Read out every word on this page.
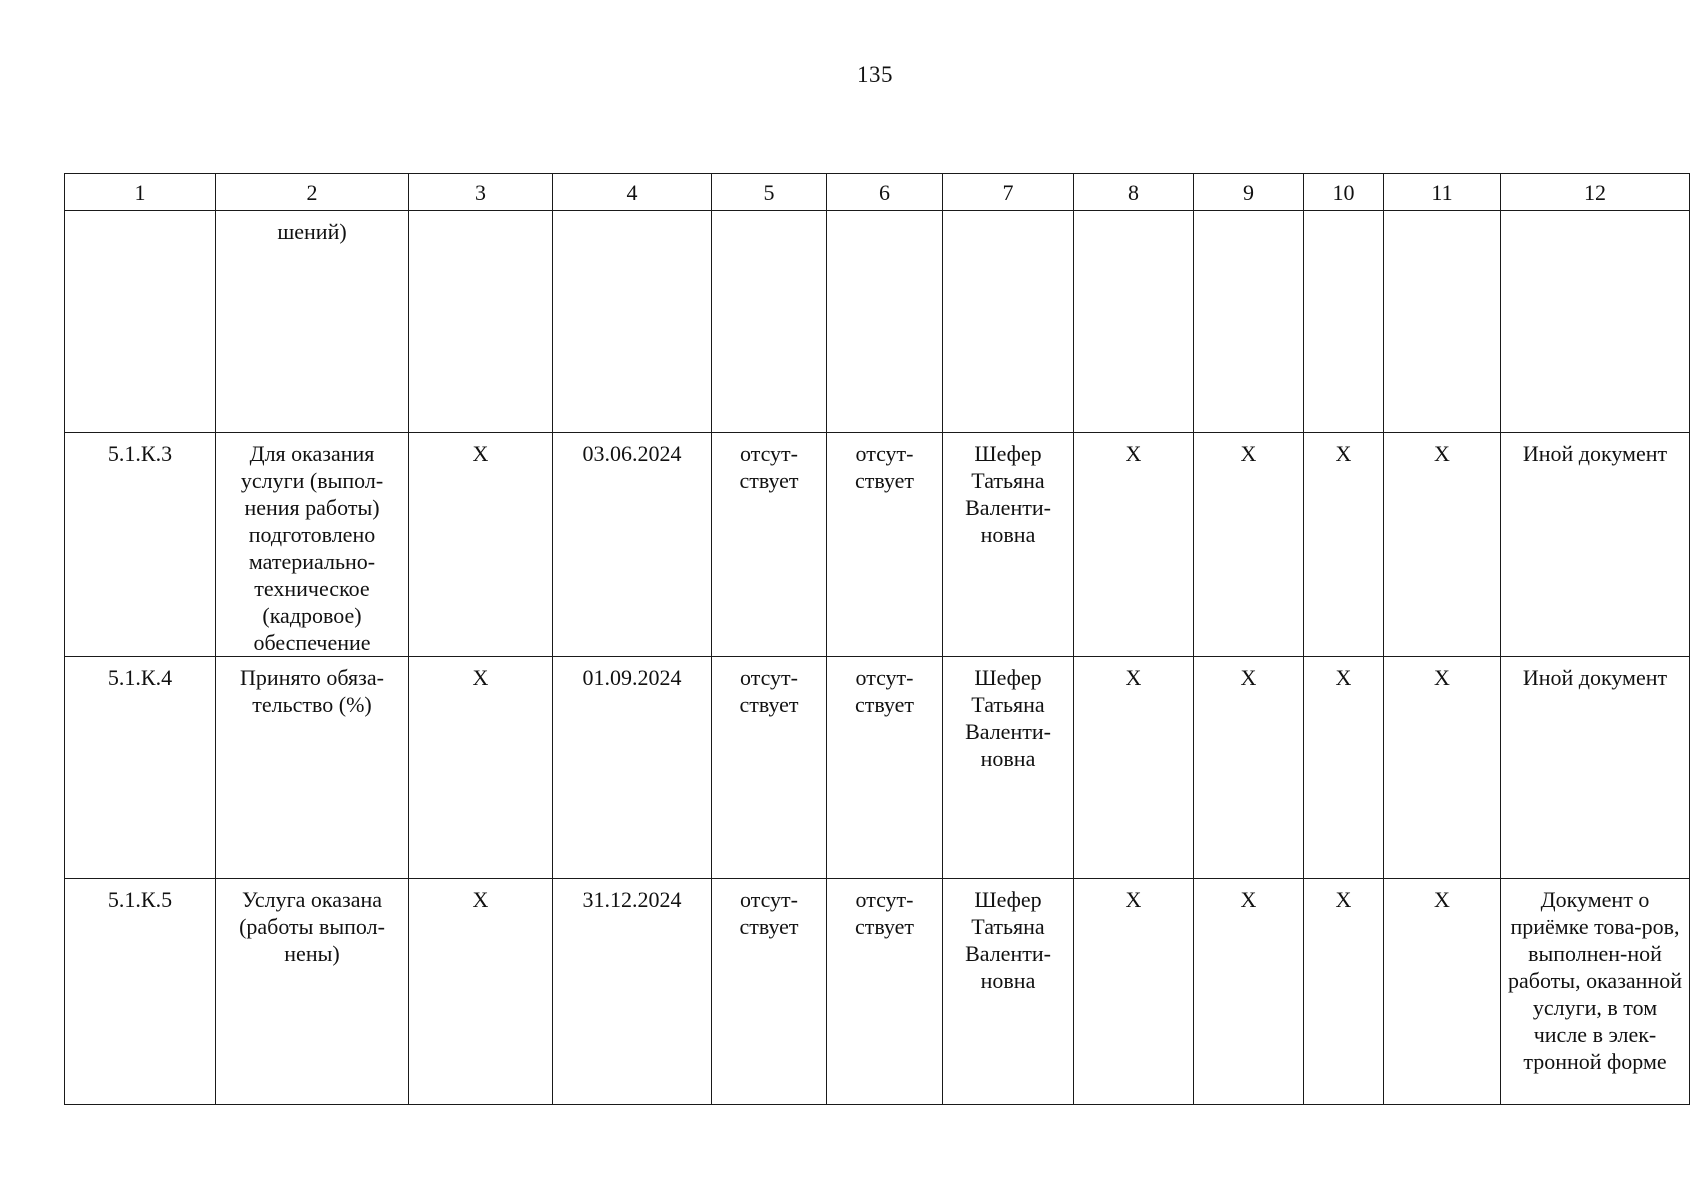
135
1	2	3	4	5	6	7	8	9	10	11	12

	шений)										

5.1.К.3	Для оказания услуги (выпол-нения работы) подготовлено материально-техническое (кадровое) обеспечение	Х	03.06.2024	отсут-ствует	отсут-ствует	Шефер Татьяна Валенти-новна	Х	Х	Х	Х	Иной документ

5.1.К.4	Принято обяза-тельство (%)	Х	01.09.2024	отсут-ствует	отсут-ствует	Шефер Татьяна Валенти-новна	Х	Х	Х	Х	Иной документ

5.1.К.5	Услуга оказана (работы выпол-нены)	Х	31.12.2024	отсут-ствует	отсут-ствует	Шефер Татьяна Валенти-новна	Х	Х	Х	Х	Документ о приёмке това-ров, выполнен-ной работы, оказанной услуги, в том числе в элек-тронной форме
